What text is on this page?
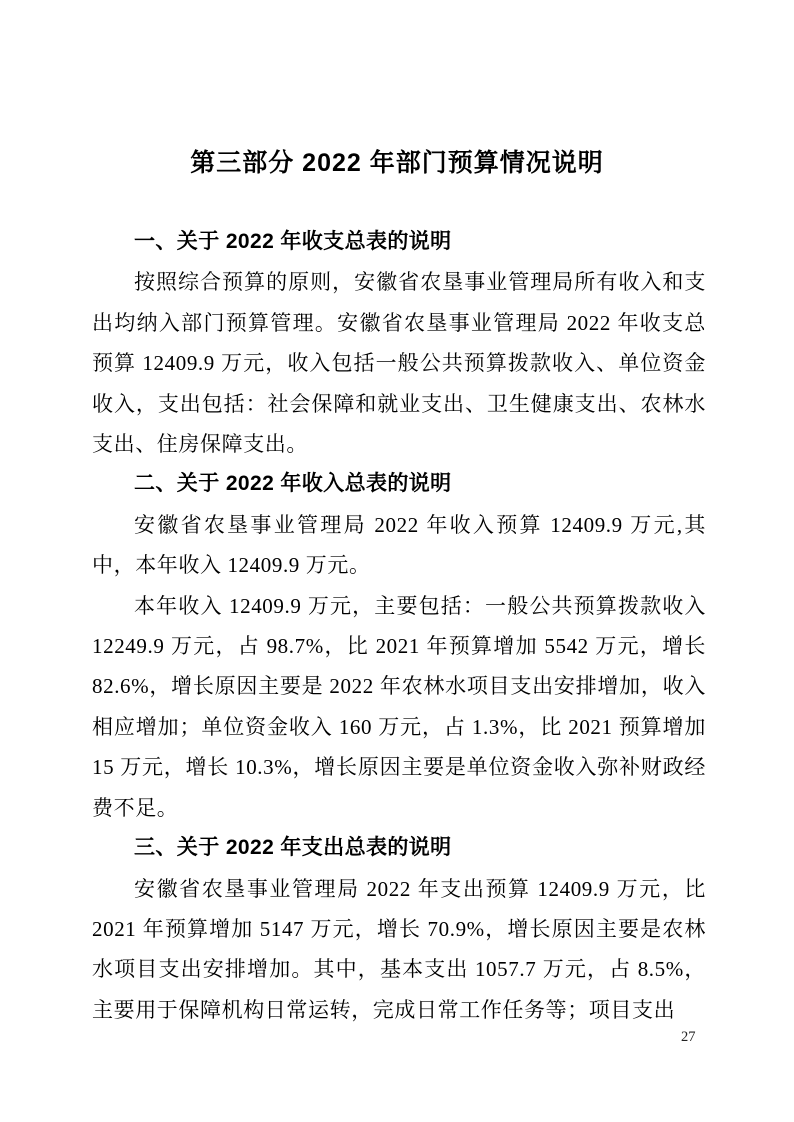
第三部分 2022 年部门预算情况说明

一、关于 2022 年收支总表的说明

按照综合预算的原则，安徽省农垦事业管理局所有收入和支出均纳入部门预算管理。安徽省农垦事业管理局 2022 年收支总预算 12409.9 万元，收入包括一般公共预算拨款收入、单位资金收入，支出包括：社会保障和就业支出、卫生健康支出、农林水支出、住房保障支出。

二、关于 2022 年收入总表的说明

安徽省农垦事业管理局 2022 年收入预算 12409.9 万元,其中，本年收入 12409.9 万元。

本年收入 12409.9 万元，主要包括：一般公共预算拨款收入 12249.9 万元，占 98.7%，比 2021 年预算增加 5542 万元，增长 82.6%，增长原因主要是 2022 年农林水项目支出安排增加，收入相应增加；单位资金收入 160 万元，占 1.3%，比 2021 预算增加 15 万元，增长 10.3%，增长原因主要是单位资金收入弥补财政经费不足。

三、关于 2022 年支出总表的说明

安徽省农垦事业管理局 2022 年支出预算 12409.9 万元，比 2021 年预算增加 5147 万元，增长 70.9%，增长原因主要是农林水项目支出安排增加。其中，基本支出 1057.7 万元，占 8.5%，主要用于保障机构日常运转，完成日常工作任务等；项目支出

27
